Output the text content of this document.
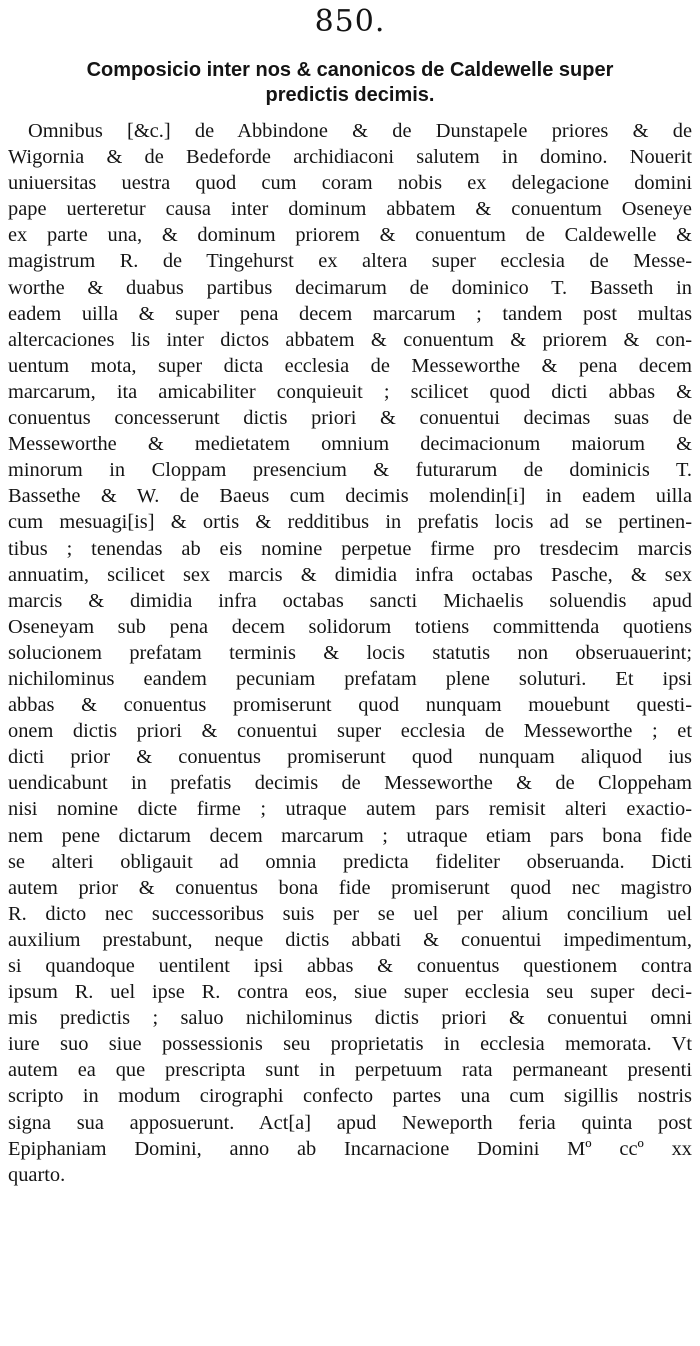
850.
Composicio inter nos & canonicos de Caldewelle super
predictis decimis.
Omnibus [&c.] de Abbindone & de Dunstapele priores & de
Wigornia & de Bedeforde archidiaconi salutem in domino. Nouerit
uniuersitas uestra quod cum coram nobis ex delegacione domini
pape uerteretur causa inter dominum abbatem & conuentum Oseneye
ex parte una, & dominum priorem & conuentum de Caldewelle &
magistrum R. de Tingehurst ex altera super ecclesia de Messe-
worthe & duabus partibus decimarum de dominico T. Basseth in
eadem uilla & super pena decem marcarum ; tandem post multas
altercaciones lis inter dictos abbatem & conuentum & priorem & con-
uentum mota, super dicta ecclesia de Messeworthe & pena decem
marcarum, ita amicabiliter conquieuit ; scilicet quod dicti abbas &
conuentus concesserunt dictis priori & conuentui decimas suas de
Messeworthe & medietatem omnium decimacionum maiorum &
minorum in Cloppam presencium & futurarum de dominicis T.
Bassethe & W. de Baeus cum decimis molendin[i] in eadem uilla
cum mesuagi[is] & ortis & redditibus in prefatis locis ad se pertinen-
tibus ; tenendas ab eis nomine perpetue firme pro tresdecim marcis
annuatim, scilicet sex marcis & dimidia infra octabas Pasche, & sex
marcis & dimidia infra octabas sancti Michaelis soluendis apud
Oseneyam sub pena decem solidorum totiens committenda quotiens
solucionem prefatam terminis & locis statutis non obseruauerint;
nichilominus eandem pecuniam prefatam plene soluturi. Et ipsi
abbas & conuentus promiserunt quod nunquam mouebunt questi-
onem dictis priori & conuentui super ecclesia de Messeworthe ; et
dicti prior & conuentus promiserunt quod nunquam aliquod ius
uendicabunt in prefatis decimis de Messeworthe & de Cloppeham
nisi nomine dicte firme ; utraque autem pars remisit alteri exactio-
nem pene dictarum decem marcarum ; utraque etiam pars bona fide
se alteri obligauit ad omnia predicta fideliter obseruanda. Dicti
autem prior & conuentus bona fide promiserunt quod nec magistro
R. dicto nec successoribus suis per se uel per alium concilium uel
auxilium prestabunt, neque dictis abbati & conuentui impedimentum,
si quandoque uentilent ipsi abbas & conuentus questionem contra
ipsum R. uel ipse R. contra eos, siue super ecclesia seu super deci-
mis predictis ; saluo nichilominus dictis priori & conuentui omni
iure suo siue possessionis seu proprietatis in ecclesia memorata. Vt
autem ea que prescripta sunt in perpetuum rata permaneant presenti
scripto in modum cirographi confecto partes una cum sigillis nostris
signa sua apposuerunt. Act[a] apud Neweporth feria quinta post
Epiphaniam Domini, anno ab Incarnacione Domini Mº ccº xx
quarto.
